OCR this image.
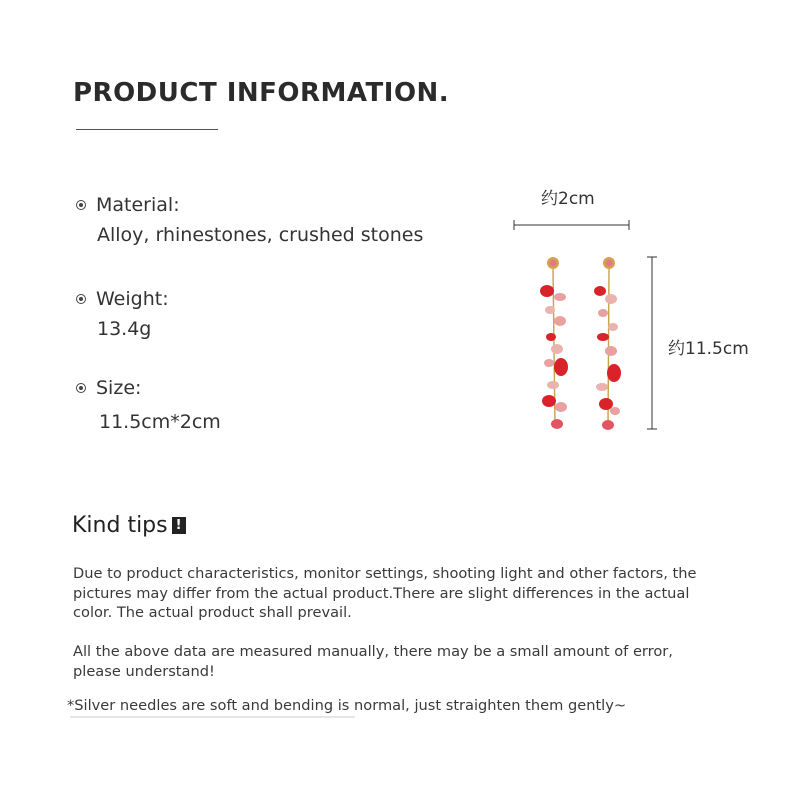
PRODUCT INFORMATION.
Material:
Alloy, rhinestones, crushed stones
Weight:
13.4g
Size:
11.5cm*2cm
约2cm
约11.5cm
Kind tips !

Due to product characteristics, monitor settings, shooting light and other factors, the pictures may differ from the actual product.There are slight differences in the actual color. The actual product shall prevail.

All the above data are measured manually, there may be a small amount of error, please understand!

*Silver needles are soft and bending is normal, just straighten them gently~
